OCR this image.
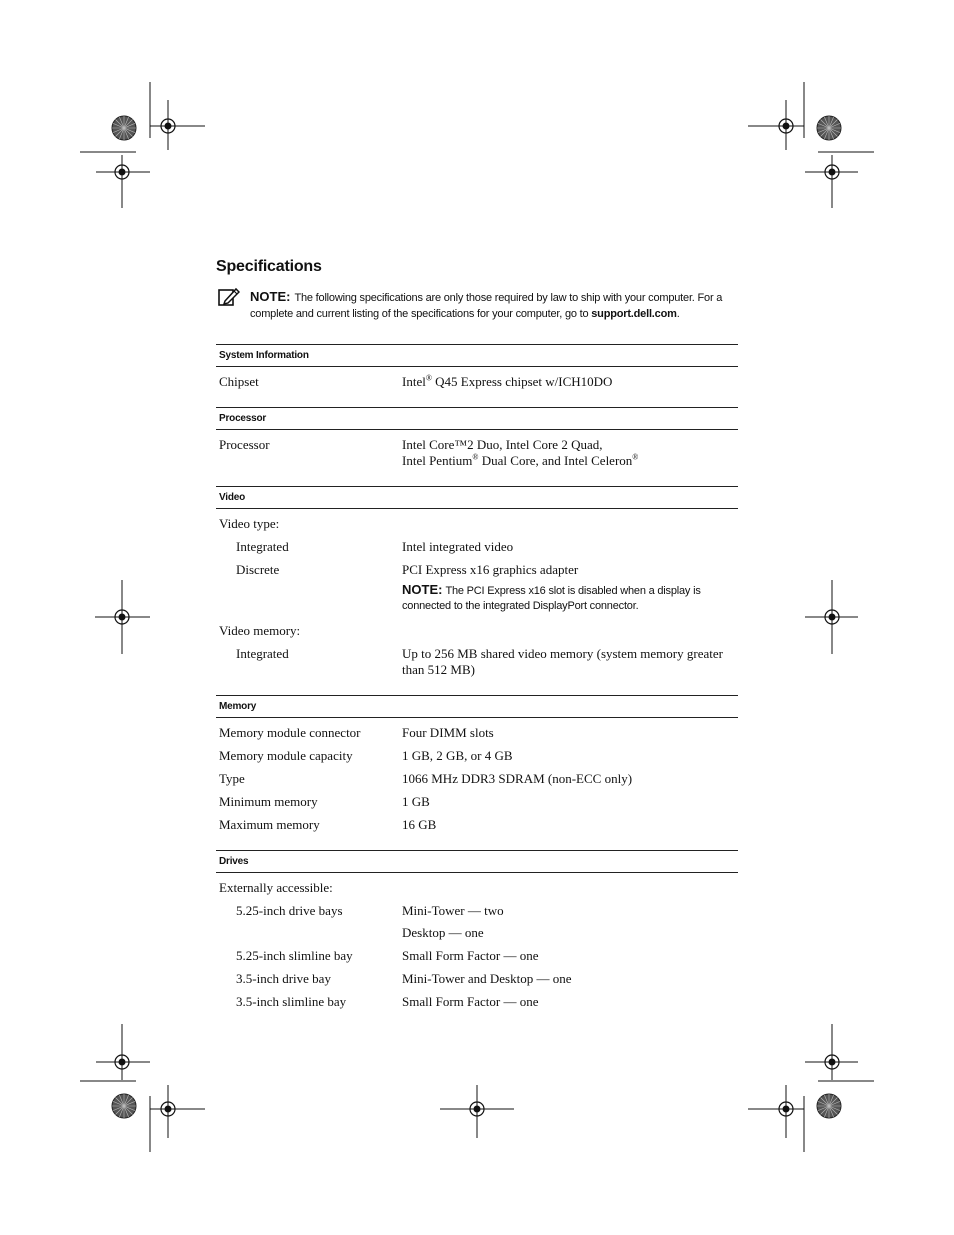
Specifications
NOTE: The following specifications are only those required by law to ship with your computer. For a complete and current listing of the specifications for your computer, go to support.dell.com.
System Information
Chipset	Intel® Q45 Express chipset w/ICH10DO
Processor
Processor	Intel Core™2 Duo, Intel Core 2 Quad,
Intel Pentium® Dual Core, and Intel Celeron®
Video
Video type:
Integrated	Intel integrated video
Discrete	PCI Express x16 graphics adapter
NOTE: The PCI Express x16 slot is disabled when a display is connected to the integrated DisplayPort connector.
Video memory:
Integrated	Up to 256 MB shared video memory (system memory greater than 512 MB)
Memory
Memory module connector	Four DIMM slots
Memory module capacity	1 GB, 2 GB, or 4 GB
Type	1066 MHz DDR3 SDRAM (non-ECC only)
Minimum memory	1 GB
Maximum memory	16 GB
Drives
Externally accessible:
5.25-inch drive bays	Mini-Tower — two
Desktop — one
5.25-inch slimline bay	Small Form Factor — one
3.5-inch drive bay	Mini-Tower and Desktop — one
3.5-inch slimline bay	Small Form Factor — one
